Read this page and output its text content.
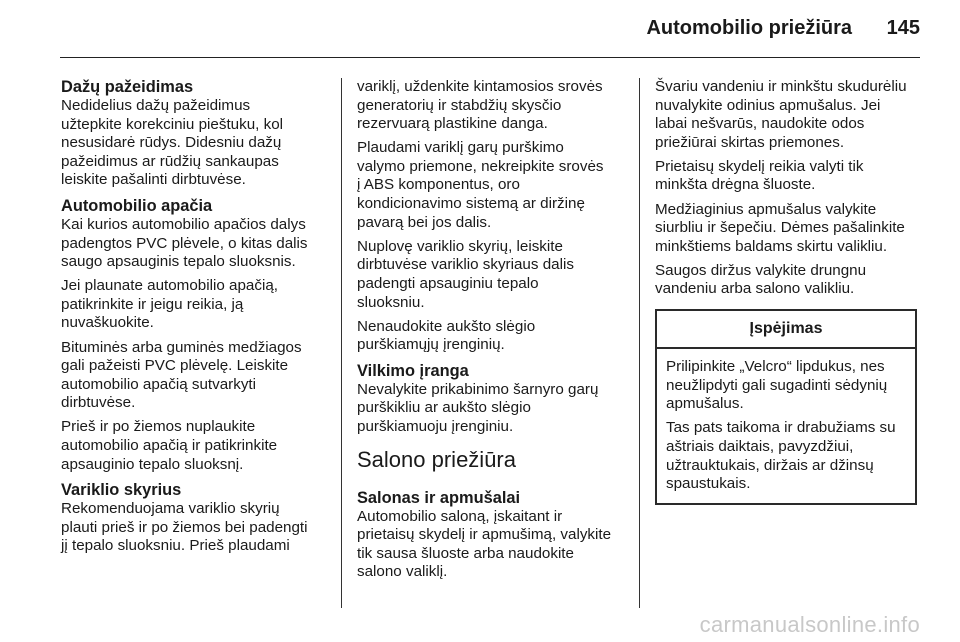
Automobilio priežiūra	145
Dažų pažeidimas

Nedidelius dažų pažeidimus
užtepkite korekciniu pieštuku, kol
nesusidarė rūdys. Didesniu dažų
pažeidimus ar rūdžių sankaupas
leiskite pašalinti dirbtuvėse.

Automobilio apačia

Kai kurios automobilio apačios dalys
padengtos PVC plėvele, o kitas dalis
saugo apsauginis tepalo sluoksnis.

Jei plaunate automobilio apačią,
patikrinkite ir jeigu reikia, ją
nuvaškuokite.

Bituminės arba guminės medžiagos
gali pažeisti PVC plėvelę. Leiskite
automobilio apačią sutvarkyti
dirbtuvėse.

Prieš ir po žiemos nuplaukite
automobilio apačią ir patikrinkite
apsauginio tepalo sluoksnį.

Variklio skyrius

Rekomenduojama variklio skyrių
plauti prieš ir po žiemos bei padengti
jį tepalo sluoksniu. Prieš plaudami

variklį, uždenkite kintamosios srovės
generatorių ir stabdžių skysčio
rezervuarą plastikine danga.

Plaudami variklį garų purškimo
valymo priemone, nekreipkite srovės
į ABS komponentus, oro
kondicionavimo sistemą ar diržinę
pavarą bei jos dalis.

Nuplovę variklio skyrių, leiskite
dirbtuvėse variklio skyriaus dalis
padengti apsauginiu tepalo
sluoksniu.

Nenaudokite aukšto slėgio
purškiamųjų įrenginių.

Vilkimo įranga

Nevalykite prikabinimo šarnyro garų
purškikliu ar aukšto slėgio
purškiamuoju įrenginiu.

Salono priežiūra
Salonas ir apmušalai

Automobilio saloną, įskaitant ir
prietaisų skydelį ir apmušimą, valykite
tik sausa šluoste arba naudokite
salono valiklį.

Švariu vandeniu ir minkštu skudurėliu
nuvalykite odinius apmušalus. Jei
labai nešvarūs, naudokite odos
priežiūrai skirtas priemones.

Prietaisų skydelį reikia valyti tik
minkšta drėgna šluoste.

Medžiaginius apmušalus valykite
siurbliu ir šepečiu. Dėmes pašalinkite
minkštiems baldams skirtu valikliu.

Saugos diržus valykite drungnu
vandeniu arba salono valikliu.

Įspėjimas

Prilipinkite „Velcro“ lipdukus, nes
neužlipdyti gali sugadinti sėdynių
apmušalus.

Tas pats taikoma ir drabužiams su
aštriais daiktais, pavyzdžiui,
užtrauktukais, diržais ar džinsų
spaustukais.

carmanualsonline.info
